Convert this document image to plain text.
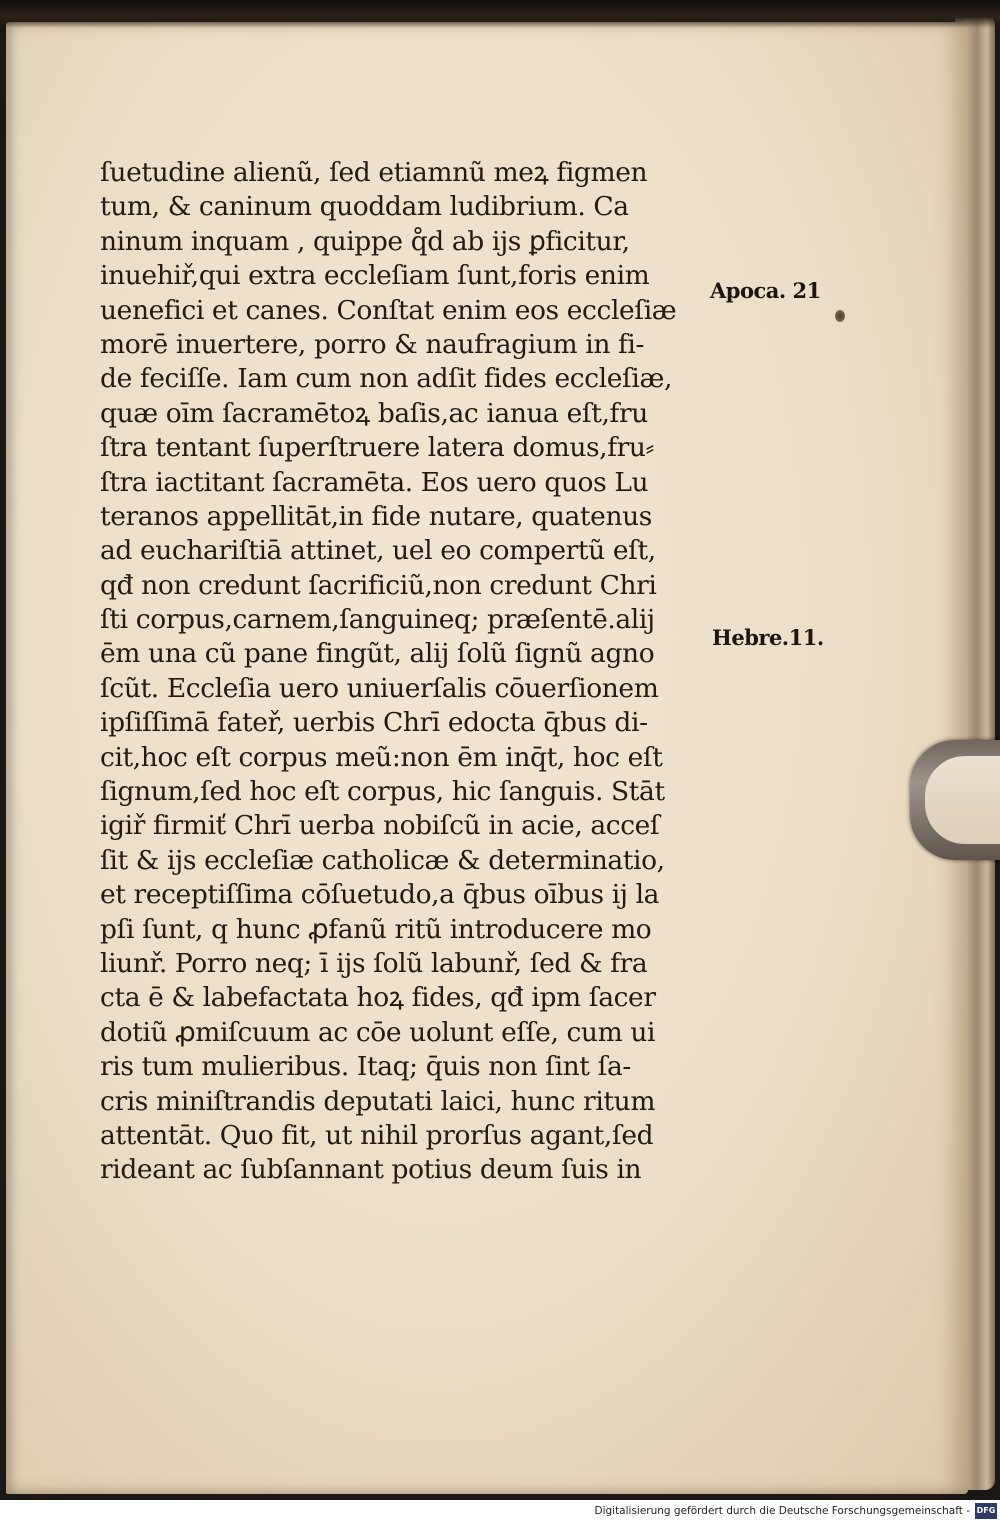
ſuetudine alienũ, ſed etiamnũ meꝝ figmen
tum, & caninum quoddam ludibrium. Ca
ninum inquam , quippe q̊d ab ijs ꝑficitur,
inuehiř,qui extra eccleſiam ſunt,foris enim
uenefici et canes. Conſtat enim eos eccleſiæ
morē inuertere, porro & naufragium in fi-
de feciſſe. Iam cum non adſit fides eccleſiæ,
quæ oīm ſacramētoꝝ baſis,ac ianua eſt,fru
ſtra tentant ſuperſtruere latera domus,fru⸗
ſtra iactitant ſacramēta. Eos uero quos Lu
teranos appellitāt,in fide nutare, quatenus
ad euchariſtiā attinet, uel eo compertũ eſt,
qđ non credunt ſacrificiũ,non credunt Chri
ſti corpus,carnem,ſanguineq; præſentē.alij
ēm una cũ pane fingũt, alij ſolũ ſignũ agno
ſcũt. Eccleſia uero uniuerſalis cōuerſionem
ipſiſſimā fateř, uerbis Chrī edocta q̄bus di-
cit,hoc eſt corpus meũ:non ēm inq̄t, hoc eſt
ſignum,ſed hoc eſt corpus, hic ſanguis. Stāt
igiř firmiť Chrī uerba nobiſcũ in acie, acceſ
ſit & ijs eccleſiæ catholicæ & determinatio,
et receptiſſima cōſuetudo,a q̄bus oībus ij la
pſi ſunt, q hunc ꝓfanũ ritũ introducere mo
liunř. Porro neq; ī ijs ſolũ labunř, ſed & fra
cta ē & labefactata hoꝝ fides, qđ ipm ſacer
dotiũ ꝓmiſcuum ac cōe uolunt eſſe, cum ui
ris tum mulieribus. Itaq; q̄uis non ſint ſa-
cris miniſtrandis deputati laici, hunc ritum
attentāt. Quo fit, ut nihil prorſus agant,ſed
rideant ac ſubſannant potius deum ſuis in
Apoca. 21
Hebre.11.
Digitalisierung gefördert durch die Deutsche Forschungsgemeinschaft - DFG
